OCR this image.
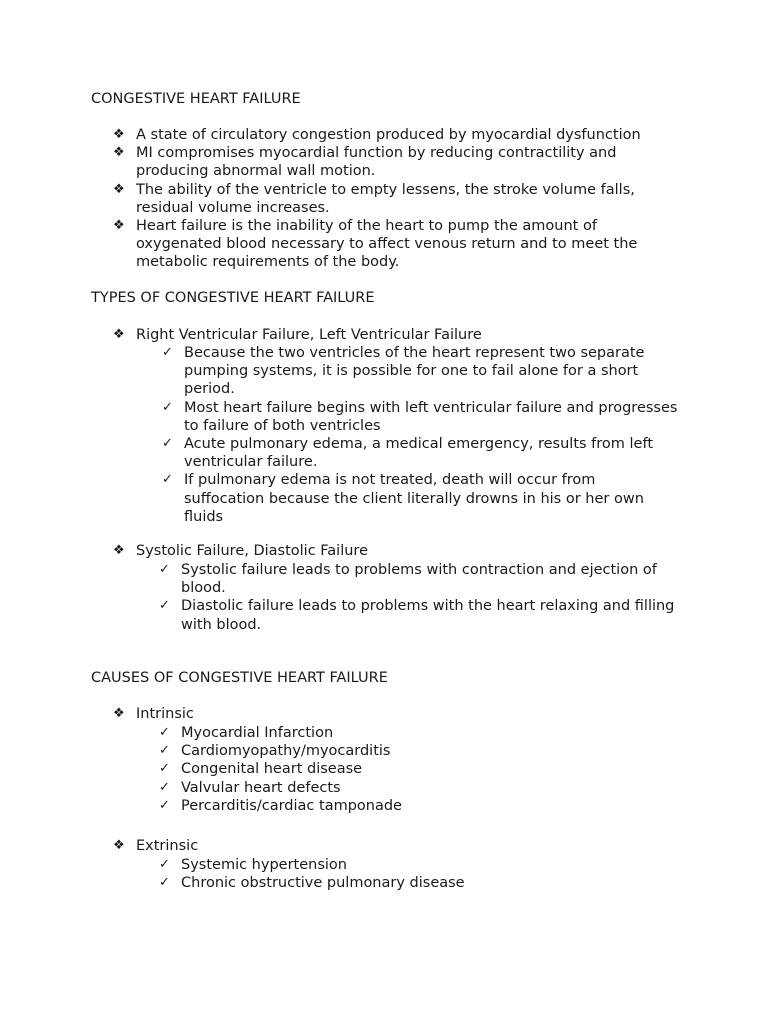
CONGESTIVE HEART FAILURE
❖ A state of circulatory congestion produced by myocardial dysfunction
❖ MI compromises myocardial function by reducing contractility and producing abnormal wall motion.
❖ The ability of the ventricle to empty lessens, the stroke volume falls, residual volume increases.
❖ Heart failure is the inability of the heart to pump the amount of oxygenated blood necessary to affect venous return and to meet the metabolic requirements of the body.
TYPES OF CONGESTIVE HEART FAILURE
❖ Right Ventricular Failure, Left Ventricular Failure
✓ Because the two ventricles of the heart represent two separate pumping systems, it is possible for one to fail alone for a short period.
✓ Most heart failure begins with left ventricular failure and progresses to failure of both ventricles
✓ Acute pulmonary edema, a medical emergency, results from left ventricular failure.
✓ If pulmonary edema is not treated, death will occur from suffocation because the client literally drowns in his or her own fluids
❖ Systolic Failure, Diastolic Failure
✓ Systolic failure leads to problems with contraction and ejection of blood.
✓ Diastolic failure leads to problems with the heart relaxing and filling with blood.
CAUSES OF CONGESTIVE HEART FAILURE
❖ Intrinsic
✓ Myocardial Infarction
✓ Cardiomyopathy/myocarditis
✓ Congenital heart disease
✓ Valvular heart defects
✓ Percarditis/cardiac tamponade
❖ Extrinsic
✓ Systemic hypertension
✓ Chronic obstructive pulmonary disease
